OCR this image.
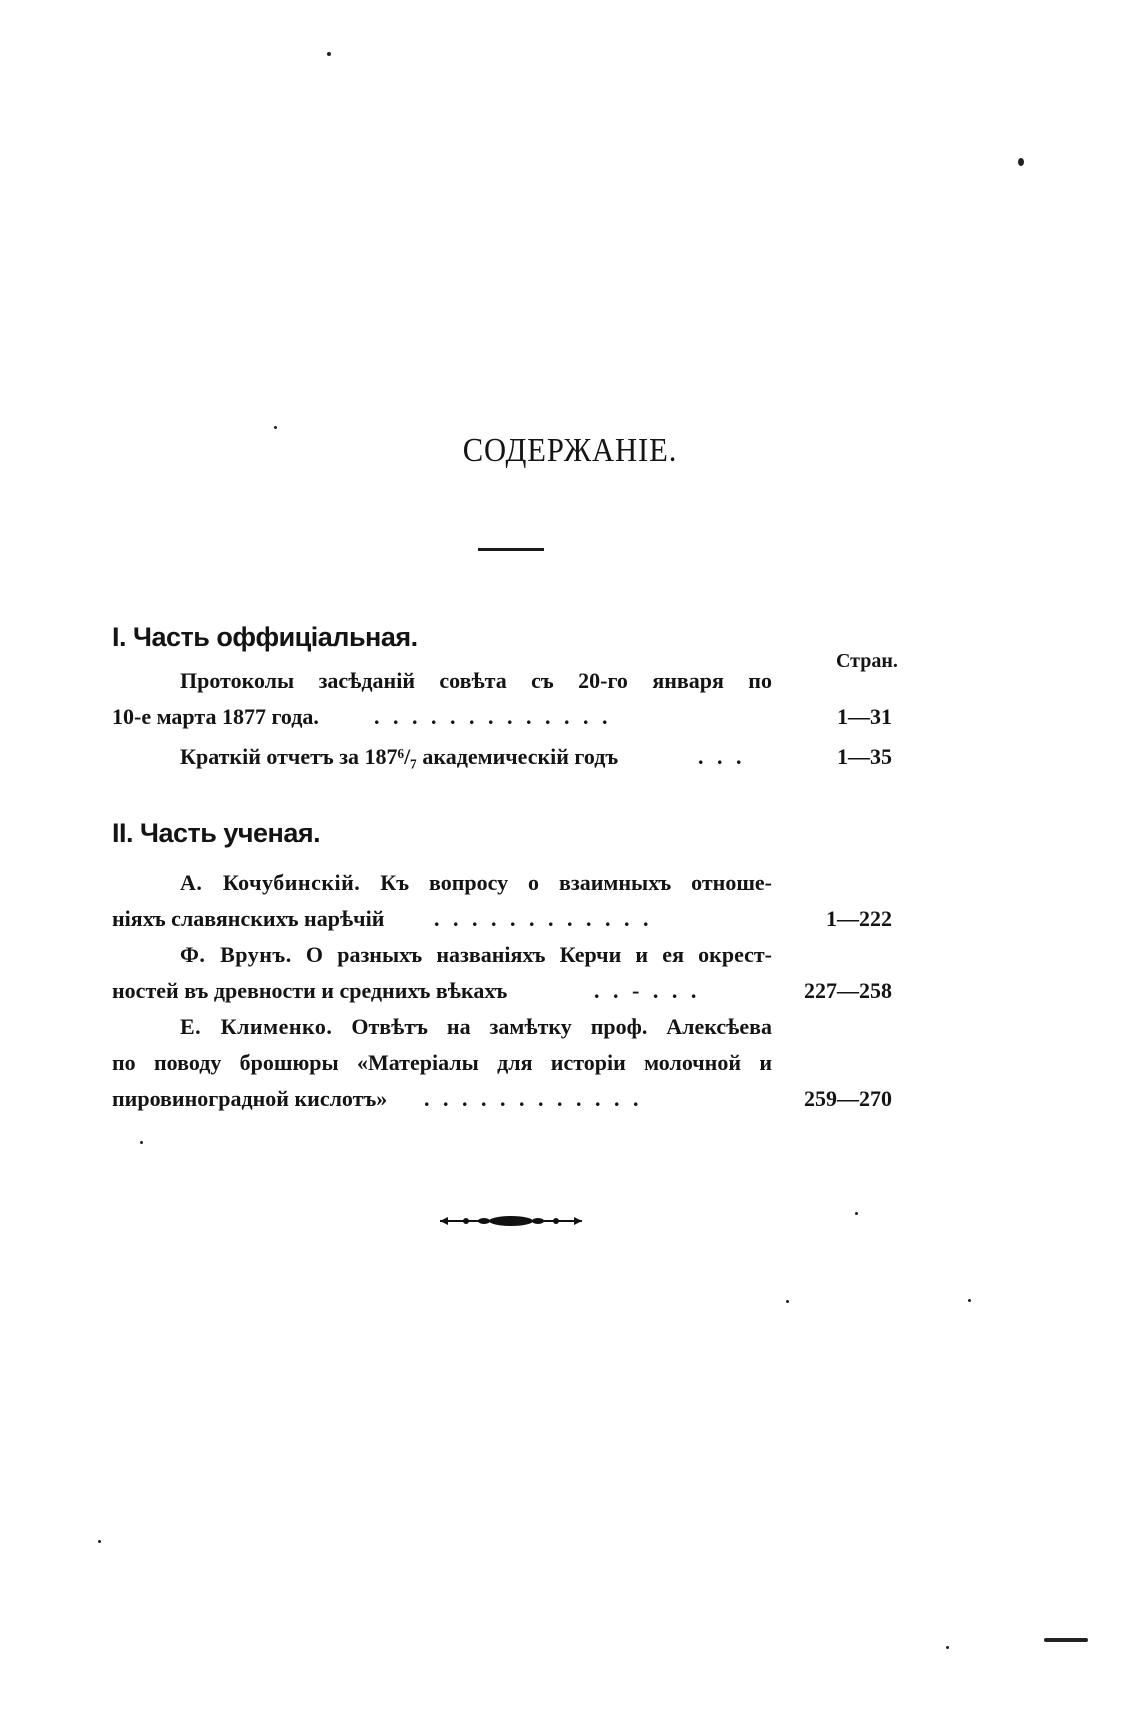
СОДЕРЖАНІЕ.
I. Часть оффиціальная.
Стран.
Протоколы засѣданій совѣта съ 20-го января по
10-е марта 1877 года.	. . . . . . . . . . . . .	1—31
Краткій отчетъ за 187⁶/₇ академическій годъ	. . .	1—35
II. Часть ученая.
А. Кочубинскій. Къ вопросу о взаимныхъ отноше-
ніяхъ славянскихъ нарѣчій . . . . . . . . . . . .	1—222
Ф. Врунъ. О разныхъ названіяхъ Керчи и ея окрест-
ностей въ древности и среднихъ вѣкахъ	. . - . . .	227—258
Е. Клименко. Отвѣтъ на замѣтку проф. Алексѣева
по поводу брошюры «Матеріалы для исторіи молочной и
пировиноградной кислотъ» . . . . . . . . . . . .	259—270
